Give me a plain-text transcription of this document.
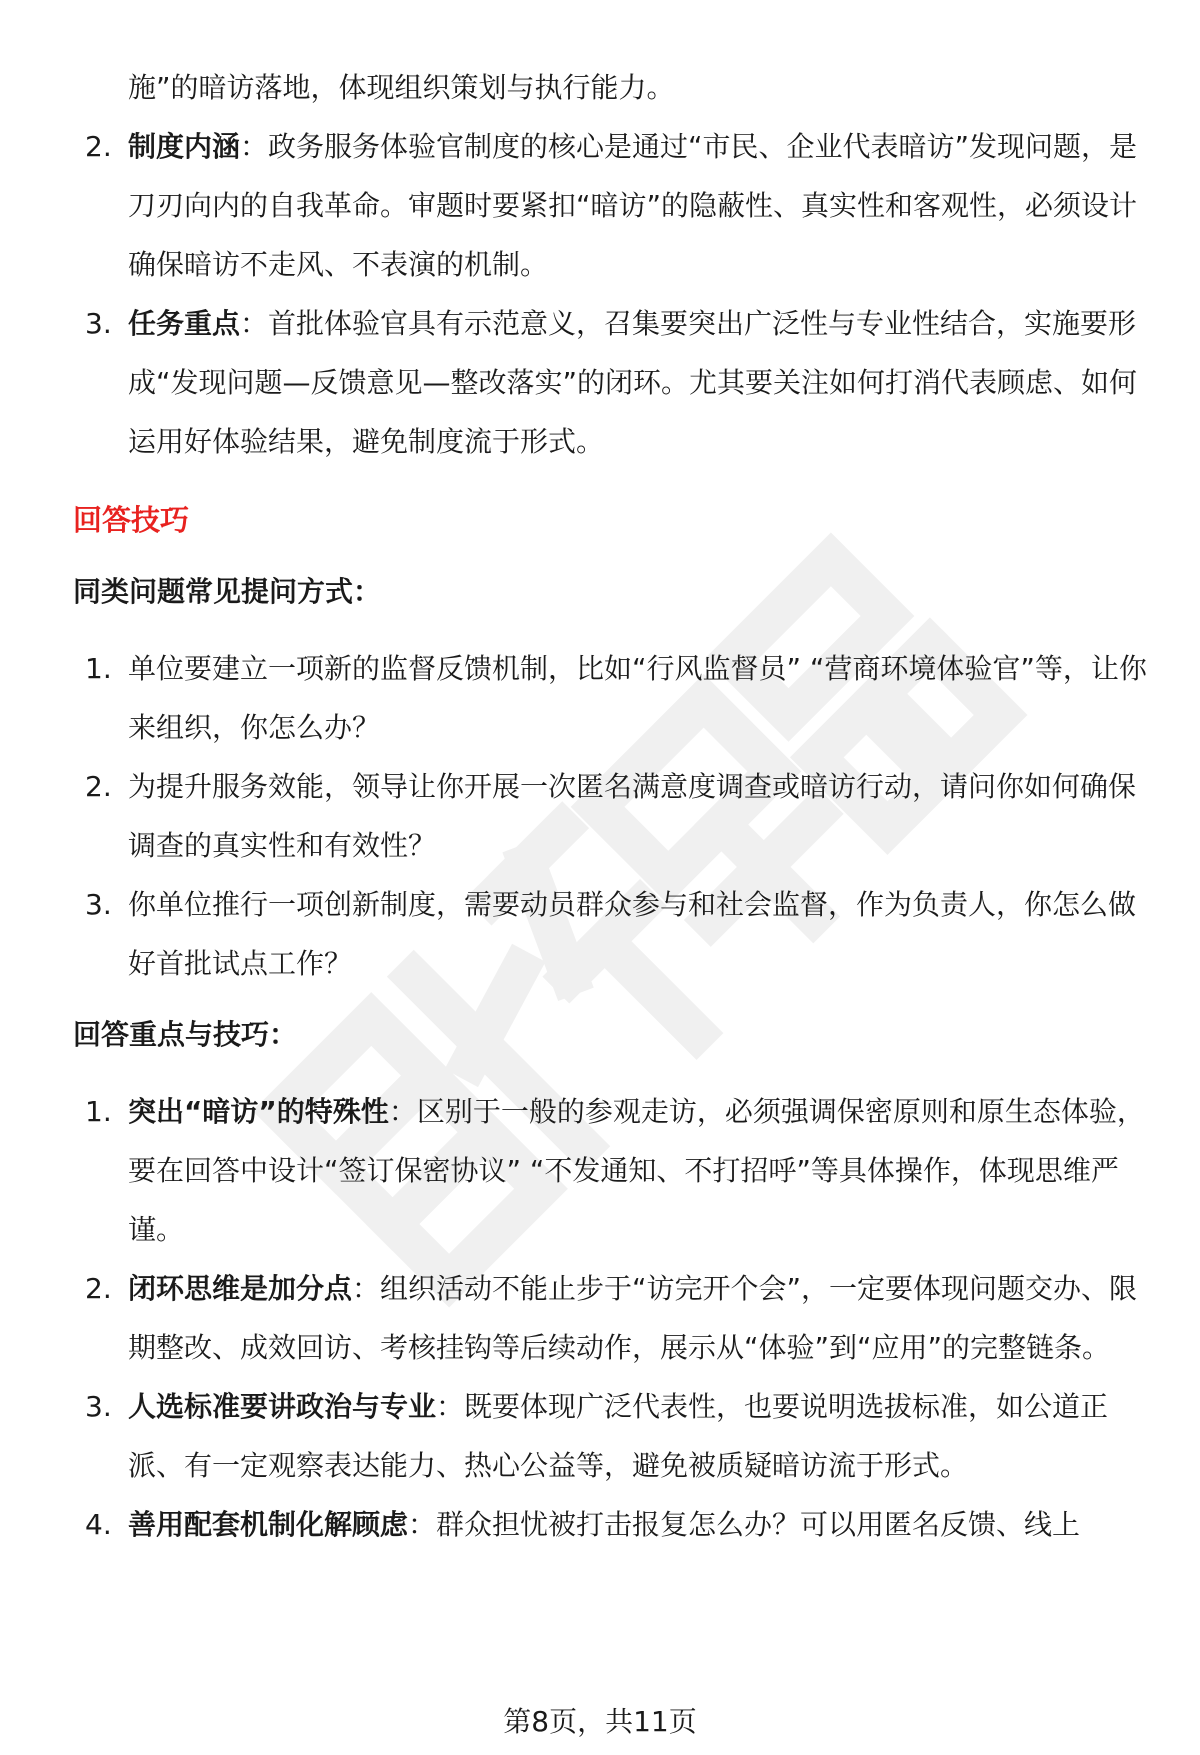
施”的暗访落地，体现组织策划与执行能力。
2. 制度内涵：政务服务体验官制度的核心是通过“市民、企业代表暗访”发现问题，是刀刃向内的自我革命。审题时要紧扣“暗访”的隐蔽性、真实性和客观性，必须设计确保暗访不走风、不表演的机制。
3. 任务重点：首批体验官具有示范意义，召集要突出广泛性与专业性结合，实施要形成“发现问题—反馈意见—整改落实”的闭环。尤其要关注如何打消代表顾虑、如何运用好体验结果，避免制度流于形式。
回答技巧
同类问题常见提问方式：
1. 单位要建立一项新的监督反馈机制，比如“行风监督员” “营商环境体验官”等，让你来组织，你怎么办？
2. 为提升服务效能，领导让你开展一次匿名满意度调查或暗访行动，请问你如何确保调查的真实性和有效性？
3. 你单位推行一项创新制度，需要动员群众参与和社会监督，作为负责人，你怎么做好首批试点工作？
回答重点与技巧：
1. 突出“暗访”的特殊性：区别于一般的参观走访，必须强调保密原则和原生态体验，要在回答中设计“签订保密协议” “不发通知、不打招呼”等具体操作，体现思维严谨。
2. 闭环思维是加分点：组织活动不能止步于“访完开个会”，一定要体现问题交办、限期整改、成效回访、考核挂钩等后续动作，展示从“体验”到“应用”的完整链条。
3. 人选标准要讲政治与专业：既要体现广泛代表性，也要说明选拔标准，如公道正派、有一定观察表达能力、热心公益等，避免被质疑暗访流于形式。
4. 善用配套机制化解顾虑：群众担忧被打击报复怎么办？可以用匿名反馈、线上
第8页，共11页
